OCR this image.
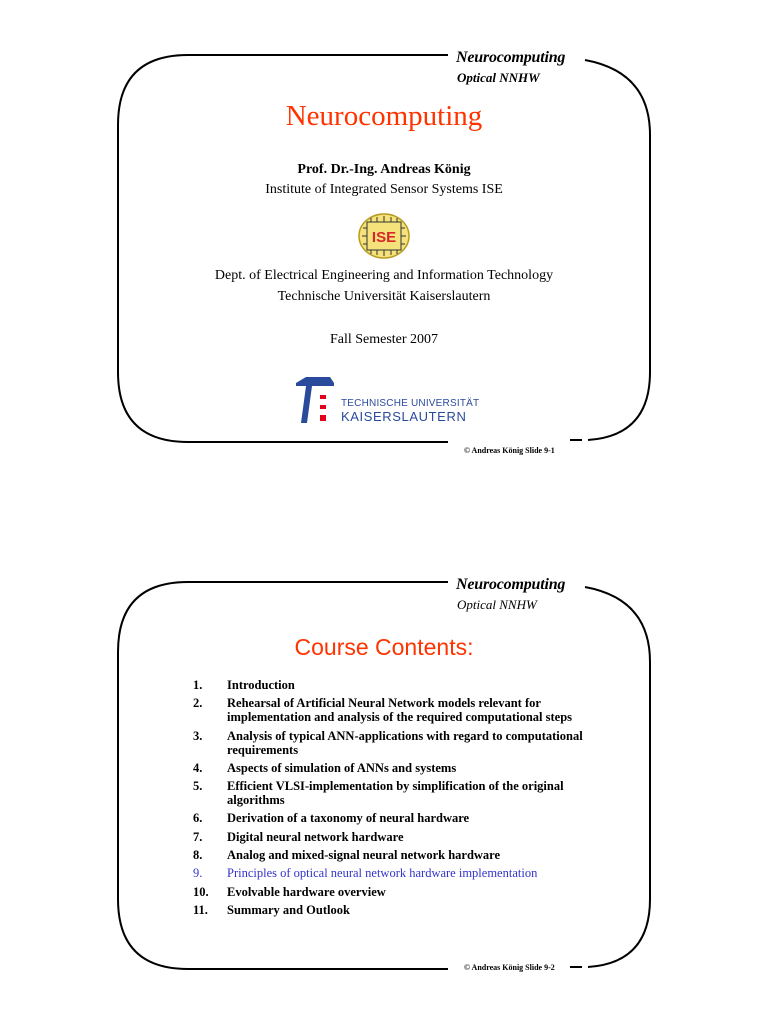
Neurocomputing
Optical NNHW
Neurocomputing
Prof. Dr.-Ing. Andreas König
Institute of Integrated Sensor Systems ISE
ISE
Dept. of Electrical Engineering and Information Technology
Technische Universität Kaiserslautern
Fall Semester 2007
TECHNISCHE UNIVERSITÄT
KAISERSLAUTERN
© Andreas König Slide 9-1
Neurocomputing
Optical NNHW
Course Contents:
1.	Introduction
2.	Rehearsal of Artificial Neural Network models relevant for implementation and analysis of the required computational steps
3.	Analysis of typical ANN-applications with regard to computational requirements
4.	Aspects of simulation of ANNs and systems
5.	Efficient VLSI-implementation by simplification of the original algorithms
6.	Derivation of a taxonomy of neural hardware
7.	Digital neural network hardware
8.	Analog and mixed-signal neural network hardware
9.	Principles of optical neural network hardware implementation
10.	Evolvable hardware overview
11.	Summary and Outlook
© Andreas König Slide 9-2
